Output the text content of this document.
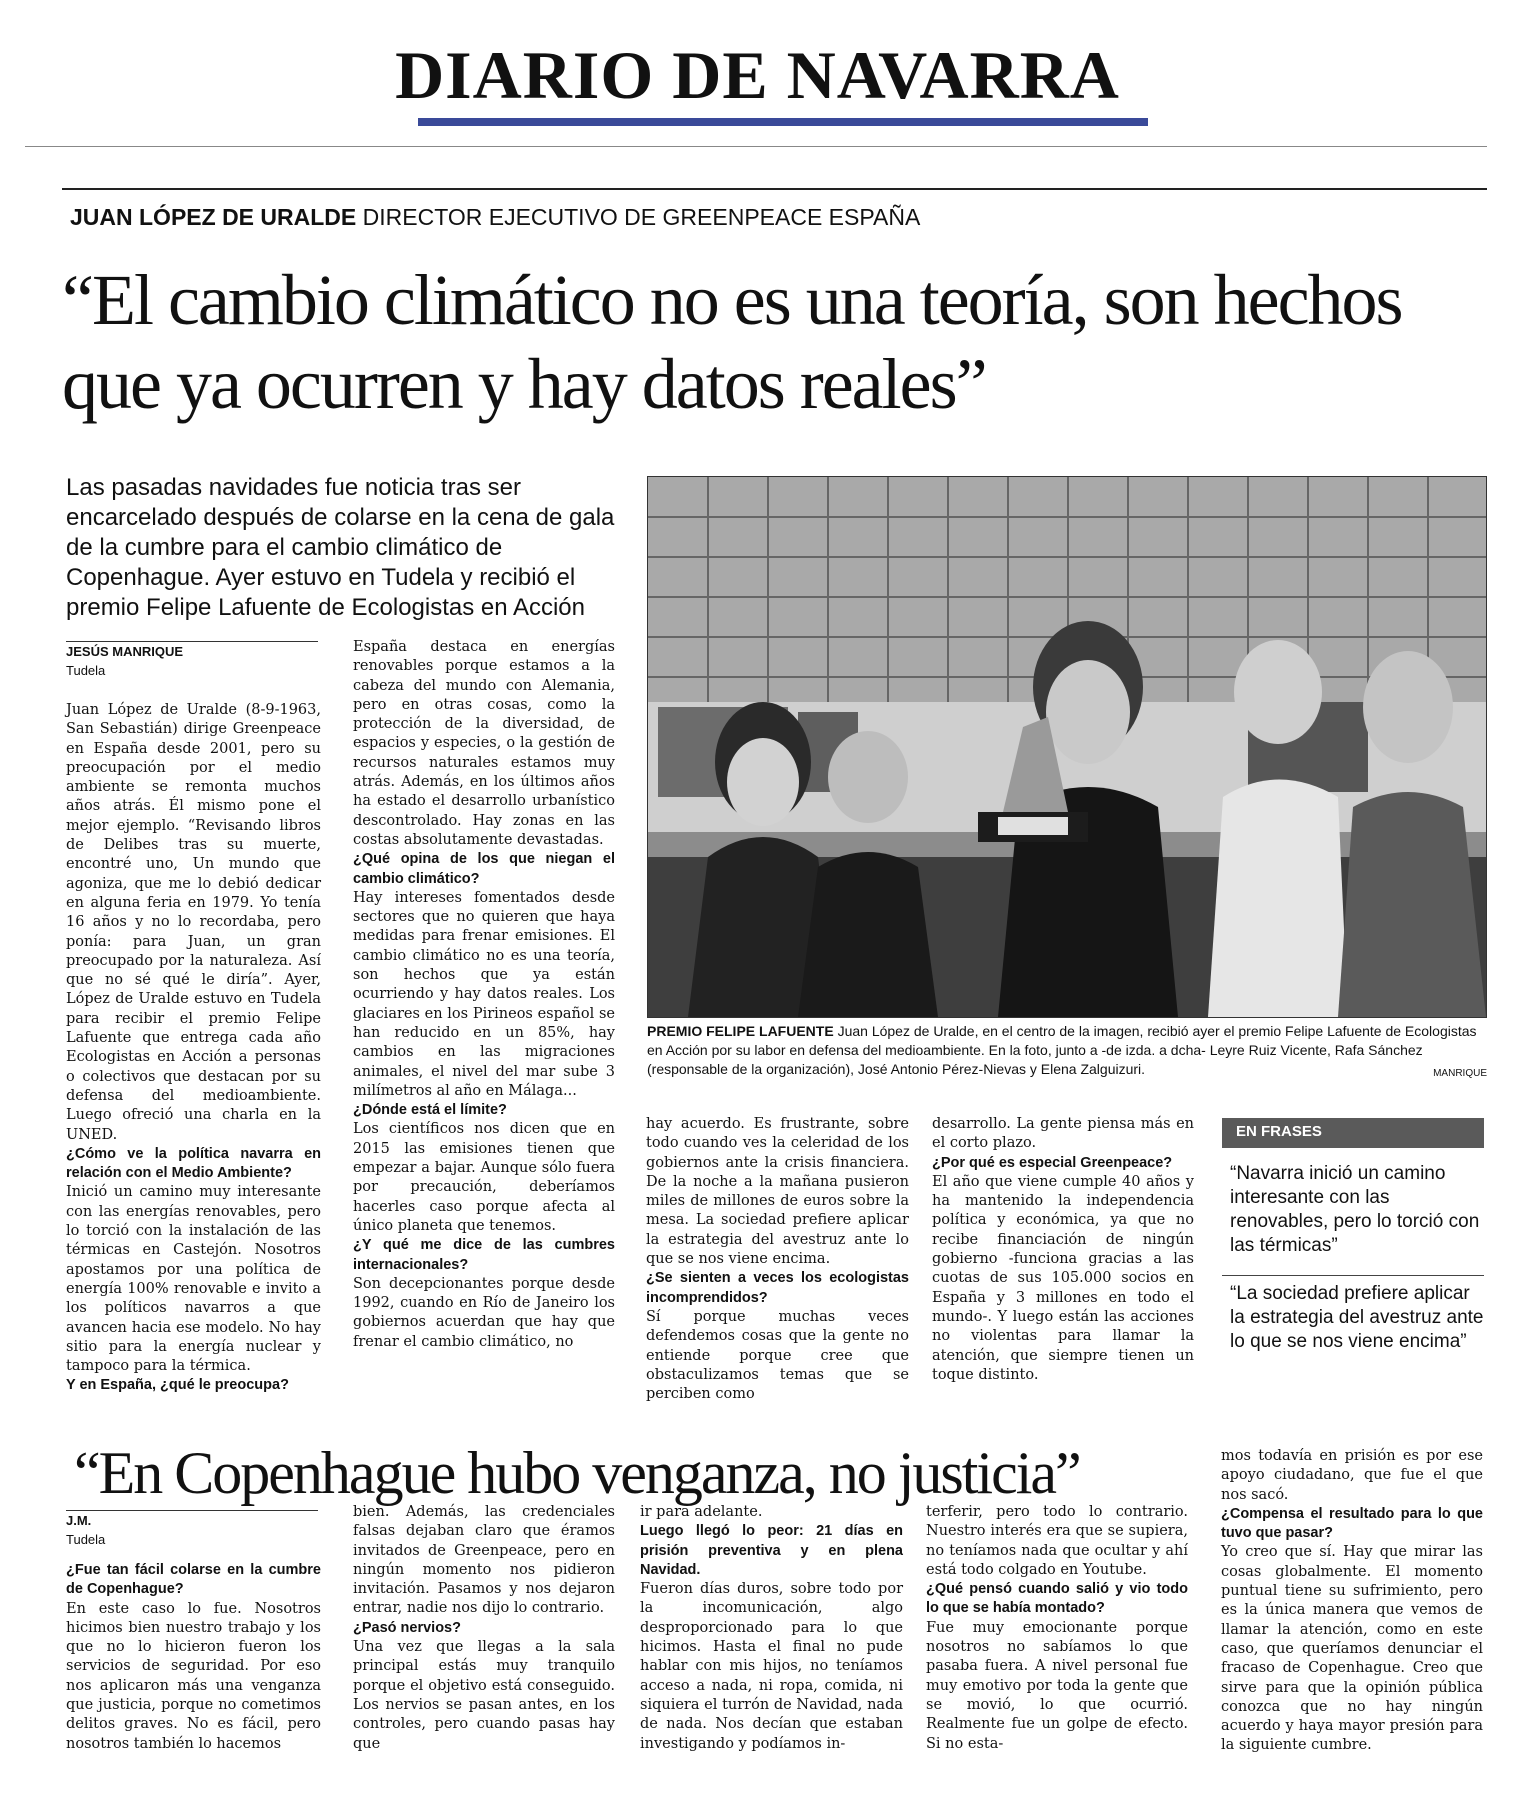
DIARIO DE NAVARRA
JUAN LÓPEZ DE URALDE DIRECTOR EJECUTIVO DE GREENPEACE ESPAÑA
“El cambio climático no es una teoría, son hechos que ya ocurren y hay datos reales”
Las pasadas navidades fue noticia tras ser encarcelado después de colarse en la cena de gala de la cumbre para el cambio climático de Copenhague. Ayer estuvo en Tudela y recibió el premio Felipe Lafuente de Ecologistas en Acción
JESÚS MANRIQUE
Tudela

Juan López de Uralde (8-9-1963, San Sebastián) dirige Greenpeace en España desde 2001, pero su preocupación por el medio ambiente se remonta muchos años atrás. Él mismo pone el mejor ejemplo. “Revisando libros de Delibes tras su muerte, encontré uno, Un mundo que agoniza, que me lo debió dedicar en alguna feria en 1979. Yo tenía 16 años y no lo recordaba, pero ponía: para Juan, un gran preocupado por la naturaleza. Así que no sé qué le diría”. Ayer, López de Uralde estuvo en Tudela para recibir el premio Felipe Lafuente que entrega cada año Ecologistas en Acción a personas o colectivos que destacan por su defensa del medioambiente. Luego ofreció una charla en la UNED.

¿Cómo ve la política navarra en relación con el Medio Ambiente?

Inició un camino muy interesante con las energías renovables, pero lo torció con la instalación de las térmicas en Castejón. Nosotros apostamos por una política de energía 100% renovable e invito a los políticos navarros a que avancen hacia ese modelo. No hay sitio para la energía nuclear y tampoco para la térmica.

Y en España, ¿qué le preocupa?

España destaca en energías renovables porque estamos a la cabeza del mundo con Alemania, pero en otras cosas, como la protección de la diversidad, de espacios y especies, o la gestión de recursos naturales estamos muy atrás. Además, en los últimos años ha estado el desarrollo urbanístico descontrolado. Hay zonas en las costas absolutamente devastadas.

¿Qué opina de los que niegan el cambio climático?

Hay intereses fomentados desde sectores que no quieren que haya medidas para frenar emisiones. El cambio climático no es una teoría, son hechos que ya están ocurriendo y hay datos reales. Los glaciares en los Pirineos español se han reducido en un 85%, hay cambios en las migraciones animales, el nivel del mar sube 3 milímetros al año en Málaga...

¿Dónde está el límite?

Los científicos nos dicen que en 2015 las emisiones tienen que empezar a bajar. Aunque sólo fuera por precaución, deberíamos hacerles caso porque afecta al único planeta que tenemos.

¿Y qué me dice de las cumbres internacionales?

Son decepcionantes porque desde 1992, cuando en Río de Janeiro los gobiernos acuerdan que hay que frenar el cambio climático, no

hay acuerdo. Es frustrante, sobre todo cuando ves la celeridad de los gobiernos ante la crisis financiera. De la noche a la mañana pusieron miles de millones de euros sobre la mesa. La sociedad prefiere aplicar la estrategia del avestruz ante lo que se nos viene encima.

¿Se sienten a veces los ecologistas incomprendidos?

Sí porque muchas veces defendemos cosas que la gente no entiende porque cree que obstaculizamos temas que se perciben como

desarrollo. La gente piensa más en el corto plazo.

¿Por qué es especial Greenpeace?

El año que viene cumple 40 años y ha mantenido la independencia política y económica, ya que no recibe financiación de ningún gobierno -funciona gracias a las cuotas de sus 105.000 socios en España y 3 millones en todo el mundo-. Y luego están las acciones no violentas para llamar la atención, que siempre tienen un toque distinto.

PREMIO FELIPE LAFUENTE Juan López de Uralde, en el centro de la imagen, recibió ayer el premio Felipe Lafuente de Ecologistas en Acción por su labor en defensa del medioambiente. En la foto, junto a -de izda. a dcha- Leyre Ruiz Vicente, Rafa Sánchez (responsable de la organización), José Antonio Pérez-Nievas y Elena Zalguizuri.	MANRIQUE
EN FRASES
“Navarra inició un camino interesante con las renovables, pero lo torció con las térmicas”
“La sociedad prefiere aplicar la estrategia del avestruz ante lo que se nos viene encima”
“En Copenhague hubo venganza, no justicia”
J.M.
Tudela

¿Fue tan fácil colarse en la cumbre de Copenhague?

En este caso lo fue. Nosotros hicimos bien nuestro trabajo y los que no lo hicieron fueron los servicios de seguridad. Por eso nos aplicaron más una venganza que justicia, porque no cometimos delitos graves. No es fácil, pero nosotros también lo hacemos

bien. Además, las credenciales falsas dejaban claro que éramos invitados de Greenpeace, pero en ningún momento nos pidieron invitación. Pasamos y nos dejaron entrar, nadie nos dijo lo contrario.

¿Pasó nervios?

Una vez que llegas a la sala principal estás muy tranquilo porque el objetivo está conseguido. Los nervios se pasan antes, en los controles, pero cuando pasas hay que

ir para adelante.

Luego llegó lo peor: 21 días en prisión preventiva y en plena Navidad.

Fueron días duros, sobre todo por la incomunicación, algo desproporcionado para lo que hicimos. Hasta el final no pude hablar con mis hijos, no teníamos acceso a nada, ni ropa, comida, ni siquiera el turrón de Navidad, nada de nada. Nos decían que estaban investigando y podíamos in-

terferir, pero todo lo contrario. Nuestro interés era que se supiera, no teníamos nada que ocultar y ahí está todo colgado en Youtube.

¿Qué pensó cuando salió y vio todo lo que se había montado?

Fue muy emocionante porque nosotros no sabíamos lo que pasaba fuera. A nivel personal fue muy emotivo por toda la gente que se movió, lo que ocurrió. Realmente fue un golpe de efecto. Si no esta-

mos todavía en prisión es por ese apoyo ciudadano, que fue el que nos sacó.

¿Compensa el resultado para lo que tuvo que pasar?

Yo creo que sí. Hay que mirar las cosas globalmente. El momento puntual tiene su sufrimiento, pero es la única manera que vemos de llamar la atención, como en este caso, que queríamos denunciar el fracaso de Copenhague. Creo que sirve para que la opinión pública conozca que no hay ningún acuerdo y haya mayor presión para la siguiente cumbre.
